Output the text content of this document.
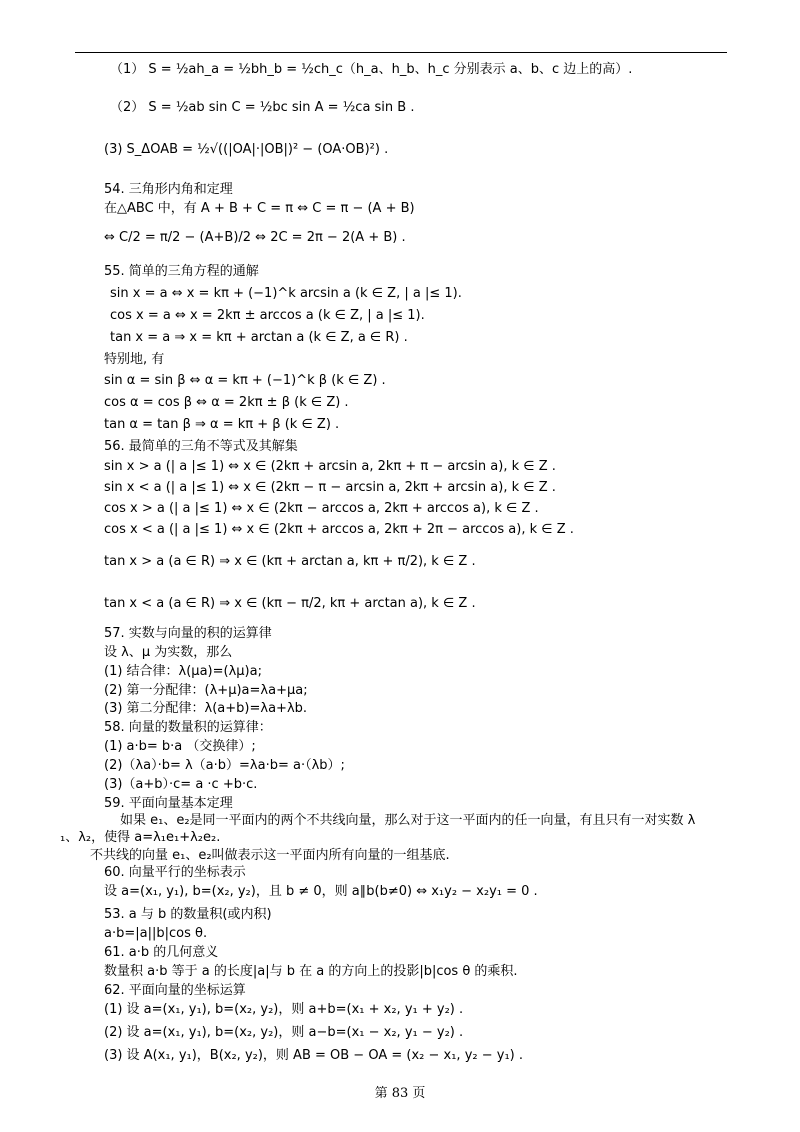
（1） S = ½ah_a = ½bh_b = ½ch_c（h_a、h_b、h_c 分别表示 a、b、c 边上的高）.
（2） S = ½ab sin C = ½bc sin A = ½ca sin B .
(3) S_ΔOAB = ½√((|OA|·|OB|)² − (OA·OB)²) .
54. 三角形内角和定理
在△ABC 中，有 A + B + C = π ⇔ C = π − (A + B)
⇔ C/2 = π/2 − (A+B)/2 ⇔ 2C = 2π − 2(A + B) .
55. 简单的三角方程的通解
sin x = a ⇔ x = kπ + (−1)^k arcsin a (k ∈ Z, | a |≤ 1).
cos x = a ⇔ x = 2kπ ± arccos a (k ∈ Z, | a |≤ 1).
tan x = a ⇒ x = kπ + arctan a (k ∈ Z, a ∈ R) .
特别地, 有
sin α = sin β ⇔ α = kπ + (−1)^k β (k ∈ Z) .
cos α = cos β ⇔ α = 2kπ ± β (k ∈ Z) .
tan α = tan β ⇒ α = kπ + β (k ∈ Z) .
56. 最简单的三角不等式及其解集
sin x > a (| a |≤ 1) ⇔ x ∈ (2kπ + arcsin a, 2kπ + π − arcsin a), k ∈ Z .
sin x < a (| a |≤ 1) ⇔ x ∈ (2kπ − π − arcsin a, 2kπ + arcsin a), k ∈ Z .
cos x > a (| a |≤ 1) ⇔ x ∈ (2kπ − arccos a, 2kπ + arccos a), k ∈ Z .
cos x < a (| a |≤ 1) ⇔ x ∈ (2kπ + arccos a, 2kπ + 2π − arccos a), k ∈ Z .
tan x > a (a ∈ R) ⇒ x ∈ (kπ + arctan a, kπ + π/2), k ∈ Z .
tan x < a (a ∈ R) ⇒ x ∈ (kπ − π/2, kπ + arctan a), k ∈ Z .
57. 实数与向量的积的运算律
设 λ、μ 为实数，那么
(1) 结合律：λ(μa)=(λμ)a;
(2) 第一分配律：(λ+μ)a=λa+μa;
(3) 第二分配律：λ(a+b)=λa+λb.
58. 向量的数量积的运算律：
(1) a·b= b·a （交换律）;
(2)（λa）·b= λ（a·b）=λa·b= a·（λb）;
(3)（a+b）·c= a ·c +b·c.
59. 平面向量基本定理
如果 e₁、e₂是同一平面内的两个不共线向量，那么对于这一平面内的任一向量，有且只有一对实数 λ
₁、λ₂，使得 a=λ₁e₁+λ₂e₂.
不共线的向量 e₁、e₂叫做表示这一平面内所有向量的一组基底.
60. 向量平行的坐标表示
设 a=(x₁, y₁), b=(x₂, y₂)，且 b ≠ 0，则 a∥b(b≠0) ⇔ x₁y₂ − x₂y₁ = 0 .
53. a 与 b 的数量积(或内积)
a·b=|a||b|cos θ.
61. a·b 的几何意义
数量积 a·b 等于 a 的长度|a|与 b 在 a 的方向上的投影|b|cos θ 的乘积.
62. 平面向量的坐标运算
(1) 设 a=(x₁, y₁), b=(x₂, y₂)，则 a+b=(x₁ + x₂, y₁ + y₂) .
(2) 设 a=(x₁, y₁), b=(x₂, y₂)，则 a−b=(x₁ − x₂, y₁ − y₂) .
(3) 设 A(x₁, y₁)，B(x₂, y₂)，则 AB = OB − OA = (x₂ − x₁, y₂ − y₁) .
第 83 页
